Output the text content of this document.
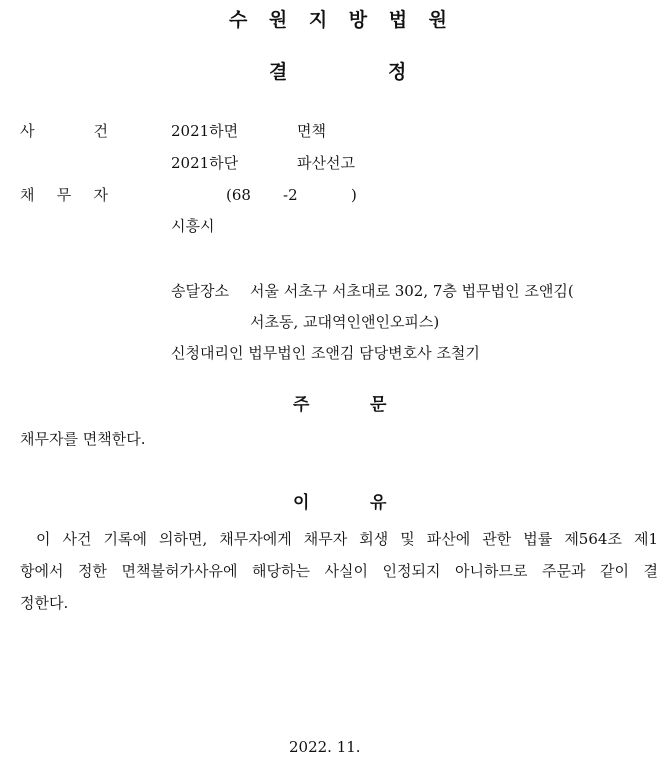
수 원 지 방 법 원
결	정
사	건	2021하면	면책
2021하단	파산선고
채 무 자	(68 -2	)
시흥시
송달장소 서울 서초구 서초대로 302, 7층 법무법인 조앤김(
서초동, 교대역인앤인오피스)
신청대리인 법무법인 조앤김 담당변호사 조철기
주	문
채무자를 면책한다.
이	유
이 사건 기록에 의하면, 채무자에게 채무자 회생 및 파산에 관한 법률 제564조 제1
항에서 정한 면책불허가사유에 해당하는 사실이 인정되지 아니하므로 주문과 같이 결
정한다.
2022. 11.
